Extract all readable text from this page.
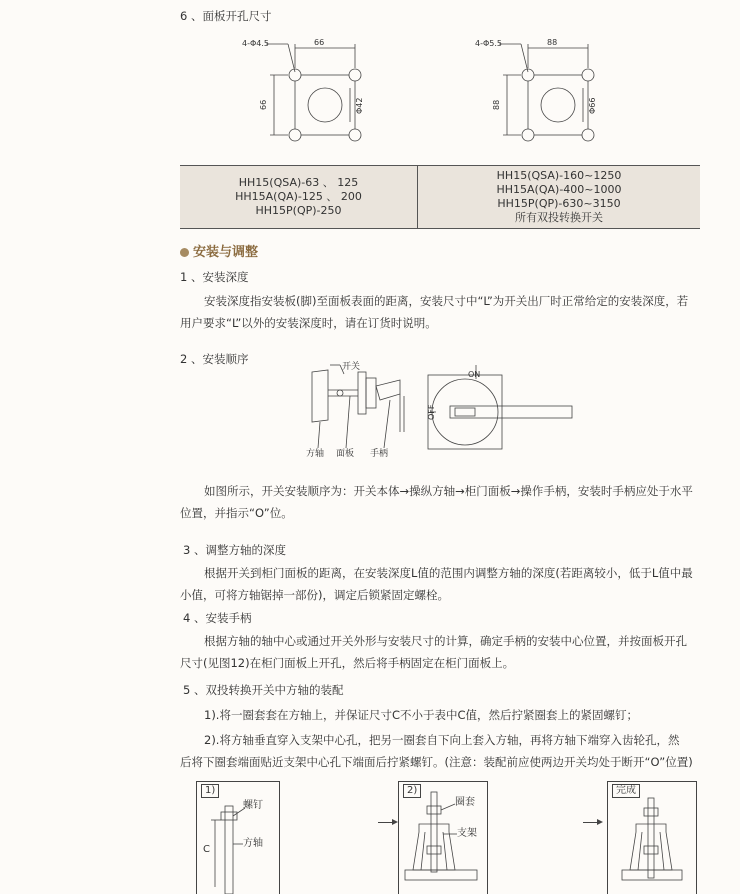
6 、面板开孔尺寸
4-Φ4.5	66
66	Φ42
4-Φ5.5	88
88	Φ66
HH15(QSA)-63 、 125
HH15A(QA)-125 、 200
HH15P(QP)-250

HH15(QSA)-160~1250
HH15A(QA)-400~1000
HH15P(QP)-630~3150
所有双投转换开关
安装与调整
1 、安装深度
安装深度指安装板(脚)至面板表面的距离，安装尺寸中“L”为开关出厂时正常给定的安装深度，若
用户要求“L”以外的安装深度时，请在订货时说明。
2 、安装顺序
开关
方轴 面板 手柄
ON
OFF
如图所示，开关安装顺序为：开关本体→操纵方轴→柜门面板→操作手柄，安装时手柄应处于水平
位置，并指示“O”位。
3 、调整方轴的深度
根据开关到柜门面板的距离，在安装深度L值的范围内调整方轴的深度(若距离较小，低于L值中最
小值，可将方轴锯掉一部份)，调定后锁紧固定螺栓。
4 、安装手柄
根据方轴的轴中心或通过开关外形与安装尺寸的计算，确定手柄的安装中心位置，并按面板开孔
尺寸(见图12)在柜门面板上开孔，然后将手柄固定在柜门面板上。
5 、双投转换开关中方轴的装配
1).将一圈套套在方轴上，并保证尺寸C不小于表中C值，然后拧紧圈套上的紧固螺钉；
2).将方轴垂直穿入支架中心孔，把另一圈套自下向上套入方轴，再将方轴下端穿入齿轮孔，然
后将下圈套端面贴近支架中心孔下端面后拧紧螺钉。(注意：装配前应使两边开关均处于断开“O”位置)
1)
螺钉
C
方轴
2)
圈套
支架
完成
